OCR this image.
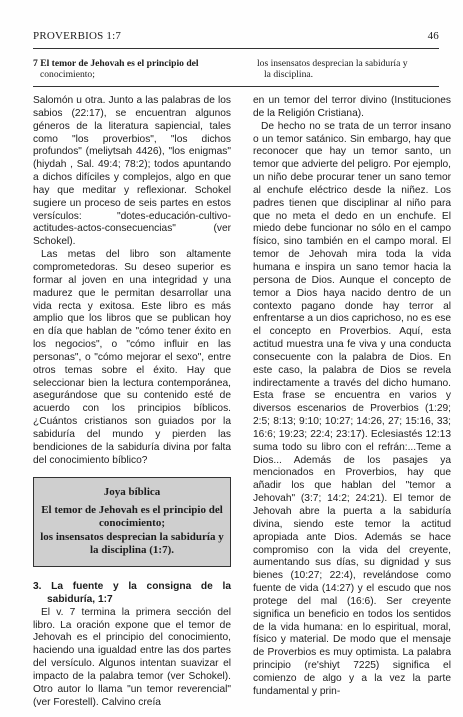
PROVERBIOS 1:7	46
7 El temor de Jehovah es el principio del
conocimiento;
los insensatos desprecian la sabiduría y
la disciplina.

Salomón u otra. Junto a las palabras de los sabios (22:17), se encuentran algunos géneros de la literatura sapiencial, tales como "los proverbios", "los dichos profundos" (meliytsah 4426), "los enigmas" (hiydah , Sal. 49:4; 78:2); todos apuntando a dichos difíciles y complejos, algo en que hay que meditar y reflexionar. Schokel sugiere un proceso de seis partes en estos versículos: "dotes-educación-cultivo-actitudes-actos-consecuencias" (ver Schokel).

Las metas del libro son altamente comprometedoras. Su deseo superior es formar al joven en una integridad y una madurez que le permitan desarrollar una vida recta y exitosa. Este libro es más amplio que los libros que se publican hoy en día que hablan de "cómo tener éxito en los negocios", o "cómo influir en las personas", o "cómo mejorar el sexo", entre otros temas sobre el éxito. Hay que seleccionar bien la lectura contemporánea, asegurándose que su contenido esté de acuerdo con los principios bíblicos. ¿Cuántos cristianos son guiados por la sabiduría del mundo y pierden las bendiciones de la sabiduría divina por falta del conocimiento bíblico?

Joya bíblica
El temor de Jehovah es el principio del conocimiento;
los insensatos desprecian la sabiduría y la disciplina (1:7).

3. La fuente y la consigna de la sabiduría, 1:7

El v. 7 termina la primera sección del libro. La oración expone que el temor de Jehovah es el principio del conocimiento, haciendo una igualdad entre las dos partes del versículo. Algunos intentan suavizar el impacto de la palabra temor (ver Schokel). Otro autor lo llama "un temor reverencial" (ver Forestell). Calvino creía

en un temor del terror divino (Instituciones de la Religión Cristiana).

De hecho no se trata de un terror insano o un temor satánico. Sin embargo, hay que reconocer que hay un temor santo, un temor que advierte del peligro. Por ejemplo, un niño debe procurar tener un sano temor al enchufe eléctrico desde la niñez. Los padres tienen que disciplinar al niño para que no meta el dedo en un enchufe. El miedo debe funcionar no sólo en el campo físico, sino también en el campo moral. El temor de Jehovah mira toda la vida humana e inspira un sano temor hacia la persona de Dios. Aunque el concepto de temor a Dios haya nacido dentro de un contexto pagano donde hay terror al enfrentarse a un dios caprichoso, no es ese el concepto en Proverbios. Aquí, esta actitud muestra una fe viva y una conducta consecuente con la palabra de Dios. En este caso, la palabra de Dios se revela indirectamente a través del dicho humano. Esta frase se encuentra en varios y diversos escenarios de Proverbios (1:29; 2:5; 8:13; 9:10; 10:27; 14:26, 27; 15:16, 33; 16:6; 19:23; 22:4; 23:17). Eclesiastés 12:13 suma todo su libro con el refrán:...Teme a Dios... Además de los pasajes ya mencionados en Proverbios, hay que añadir los que hablan del "temor a Jehovah" (3:7; 14:2; 24:21). El temor de Jehovah abre la puerta a la sabiduría divina, siendo este temor la actitud apropiada ante Dios. Además se hace compromiso con la vida del creyente, aumentando sus días, su dignidad y sus bienes (10:27; 22:4), revelándose como fuente de vida (14:27) y el escudo que nos protege del mal (16:6). Ser creyente significa un beneficio en todos los sentidos de la vida humana: en lo espiritual, moral, físico y material. De modo que el mensaje de Proverbios es muy optimista. La palabra principio (re'shiyt 7225) significa el comienzo de algo y a la vez la parte fundamental y prin-
